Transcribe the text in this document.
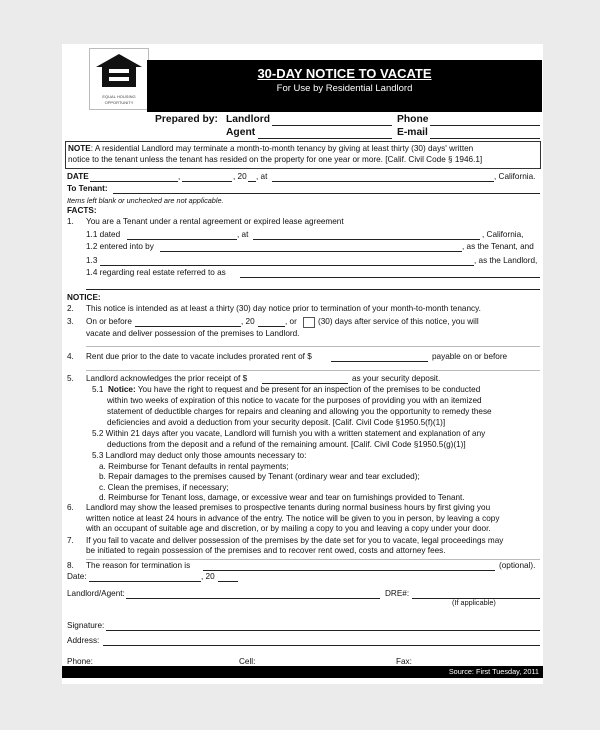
EQUAL HOUSING
OPPORTUNITY
30-DAY NOTICE TO VACATE
For Use by Residential Landlord
Prepared by: Landlord
Agent
Phone
E-mail
NOTE: A residential Landlord may terminate a month-to-month tenancy by giving at least thirty (30) days' written
notice to the tenant unless the tenant has resided on the property for one year or more. [Calif. Civil Code § 1946.1]
DATE	,	, 20 , at	, California.
To Tenant:
Items left blank or unchecked are not applicable.
FACTS:
1. You are a Tenant under a rental agreement or expired lease agreement
1.1 dated	, at	, California,
1.2 entered into by	, as the Tenant, and
1.3	, as the Landlord,
1.4 regarding real estate referred to as
NOTICE:
2. This notice is intended as at least a thirty (30) day notice prior to termination of your month-to-month tenancy.
3. On or before	, 20	, or	(30) days after service of this notice, you will
vacate and deliver possession of the premises to Landlord.
4. Rent due prior to the date to vacate includes prorated rent of $	payable on or before
5. Landlord acknowledges the prior receipt of $	as your security deposit.
5.1 Notice: You have the right to request and be present for an inspection of the premises to be conducted
within two weeks of expiration of this notice to vacate for the purposes of providing you with an itemized
statement of deductible charges for repairs and cleaning and allowing you the opportunity to remedy these
deficiencies and avoid a deduction from your security deposit. [Calif. Civil Code §1950.5(f)(1)]
5.2 Within 21 days after you vacate, Landlord will furnish you with a written statement and explanation of any
deductions from the deposit and a refund of the remaining amount. [Calif. Civil Code §1950.5(g)(1)]
5.3 Landlord may deduct only those amounts necessary to:
a. Reimburse for Tenant defaults in rental payments;
b. Repair damages to the premises caused by Tenant (ordinary wear and tear excluded);
c. Clean the premises, if necessary;
d. Reimburse for Tenant loss, damage, or excessive wear and tear on furnishings provided to Tenant.
6. Landlord may show the leased premises to prospective tenants during normal business hours by first giving you
written notice at least 24 hours in advance of the entry. The notice will be given to you in person, by leaving a copy
with an occupant of suitable age and discretion, or by mailing a copy to you and leaving a copy under your door.
7. If you fail to vacate and deliver possession of the premises by the date set for you to vacate, legal proceedings may
be initiated to regain possession of the premises and to recover rent owed, costs and attorney fees.
8. The reason for termination is	(optional).
Date:	, 20
Landlord/Agent:	DRE#:
(If applicable)
Signature:
Address:
Phone:	Cell:	Fax:
Source: First Tuesday, 2011
